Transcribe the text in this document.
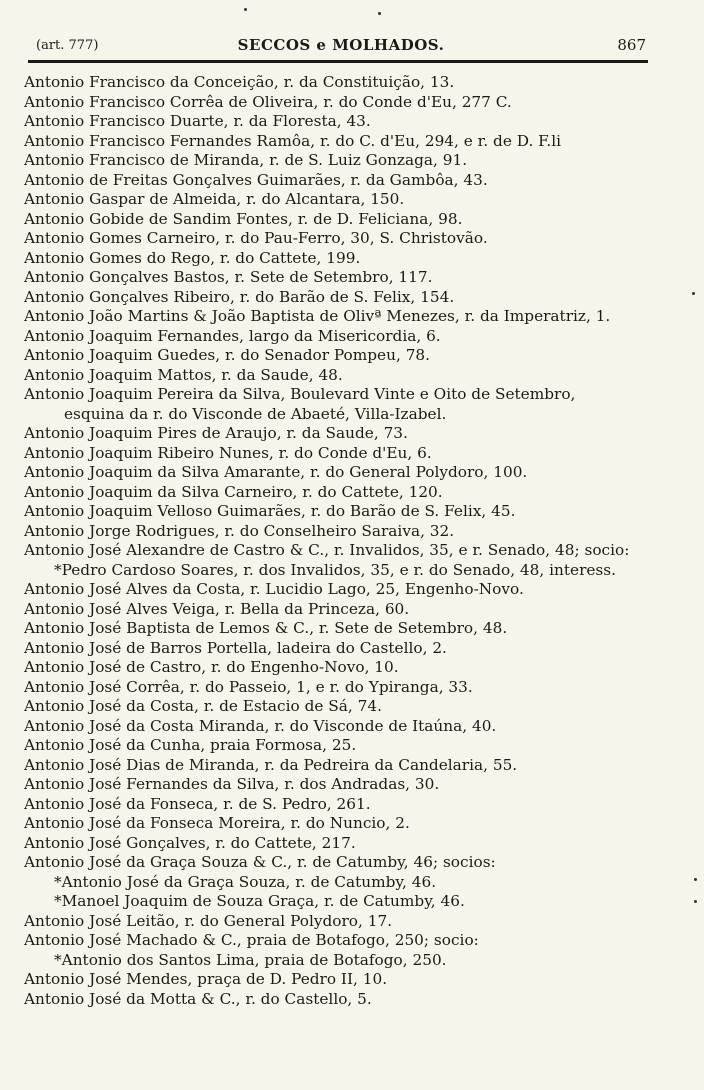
(art. 777)	SECCOS e MOLHADOS.	867
Antonio Francisco da Conceição, r. da Constituição, 13.
Antonio Francisco Corrêa de Oliveira, r. do Conde d'Eu, 277 C.
Antonio Francisco Duarte, r. da Floresta, 43.
Antonio Francisco Fernandes Ramôa, r. do C. d'Eu, 294, e r. de D. F.li
Antonio Francisco de Miranda, r. de S. Luiz Gonzaga, 91.
Antonio de Freitas Gonçalves Guimarães, r. da Gambôa, 43.
Antonio Gaspar de Almeida, r. do Alcantara, 150.
Antonio Gobide de Sandim Fontes, r. de D. Feliciana, 98.
Antonio Gomes Carneiro, r. do Pau-Ferro, 30, S. Christovão.
Antonio Gomes do Rego, r. do Cattete, 199.
Antonio Gonçalves Bastos, r. Sete de Setembro, 117.
Antonio Gonçalves Ribeiro, r. do Barão de S. Felix, 154.
Antonio João Martins & João Baptista de Olivª Menezes, r. da Imperatriz, 1.
Antonio Joaquim Fernandes, largo da Misericordia, 6.
Antonio Joaquim Guedes, r. do Senador Pompeu, 78.
Antonio Joaquim Mattos, r. da Saude, 48.
Antonio Joaquim Pereira da Silva, Boulevard Vinte e Oito de Setembro,
esquina da r. do Visconde de Abaeté, Villa-Izabel.
Antonio Joaquim Pires de Araujo, r. da Saude, 73.
Antonio Joaquim Ribeiro Nunes, r. do Conde d'Eu, 6.
Antonio Joaquim da Silva Amarante, r. do General Polydoro, 100.
Antonio Joaquim da Silva Carneiro, r. do Cattete, 120.
Antonio Joaquim Velloso Guimarães, r. do Barão de S. Felix, 45.
Antonio Jorge Rodrigues, r. do Conselheiro Saraiva, 32.
Antonio José Alexandre de Castro & C., r. Invalidos, 35, e r. Senado, 48; socio:
*Pedro Cardoso Soares, r. dos Invalidos, 35, e r. do Senado, 48, interess.
Antonio José Alves da Costa, r. Lucidio Lago, 25, Engenho-Novo.
Antonio José Alves Veiga, r. Bella da Princeza, 60.
Antonio José Baptista de Lemos & C., r. Sete de Setembro, 48.
Antonio José de Barros Portella, ladeira do Castello, 2.
Antonio José de Castro, r. do Engenho-Novo, 10.
Antonio José Corrêa, r. do Passeio, 1, e r. do Ypiranga, 33.
Antonio José da Costa, r. de Estacio de Sá, 74.
Antonio José da Costa Miranda, r. do Visconde de Itaúna, 40.
Antonio José da Cunha, praia Formosa, 25.
Antonio José Dias de Miranda, r. da Pedreira da Candelaria, 55.
Antonio José Fernandes da Silva, r. dos Andradas, 30.
Antonio José da Fonseca, r. de S. Pedro, 261.
Antonio José da Fonseca Moreira, r. do Nuncio, 2.
Antonio José Gonçalves, r. do Cattete, 217.
Antonio José da Graça Souza & C., r. de Catumby, 46; socios:
*Antonio José da Graça Souza, r. de Catumby, 46.
*Manoel Joaquim de Souza Graça, r. de Catumby, 46.
Antonio José Leitão, r. do General Polydoro, 17.
Antonio José Machado & C., praia de Botafogo, 250; socio:
*Antonio dos Santos Lima, praia de Botafogo, 250.
Antonio José Mendes, praça de D. Pedro II, 10.
Antonio José da Motta & C., r. do Castello, 5.
